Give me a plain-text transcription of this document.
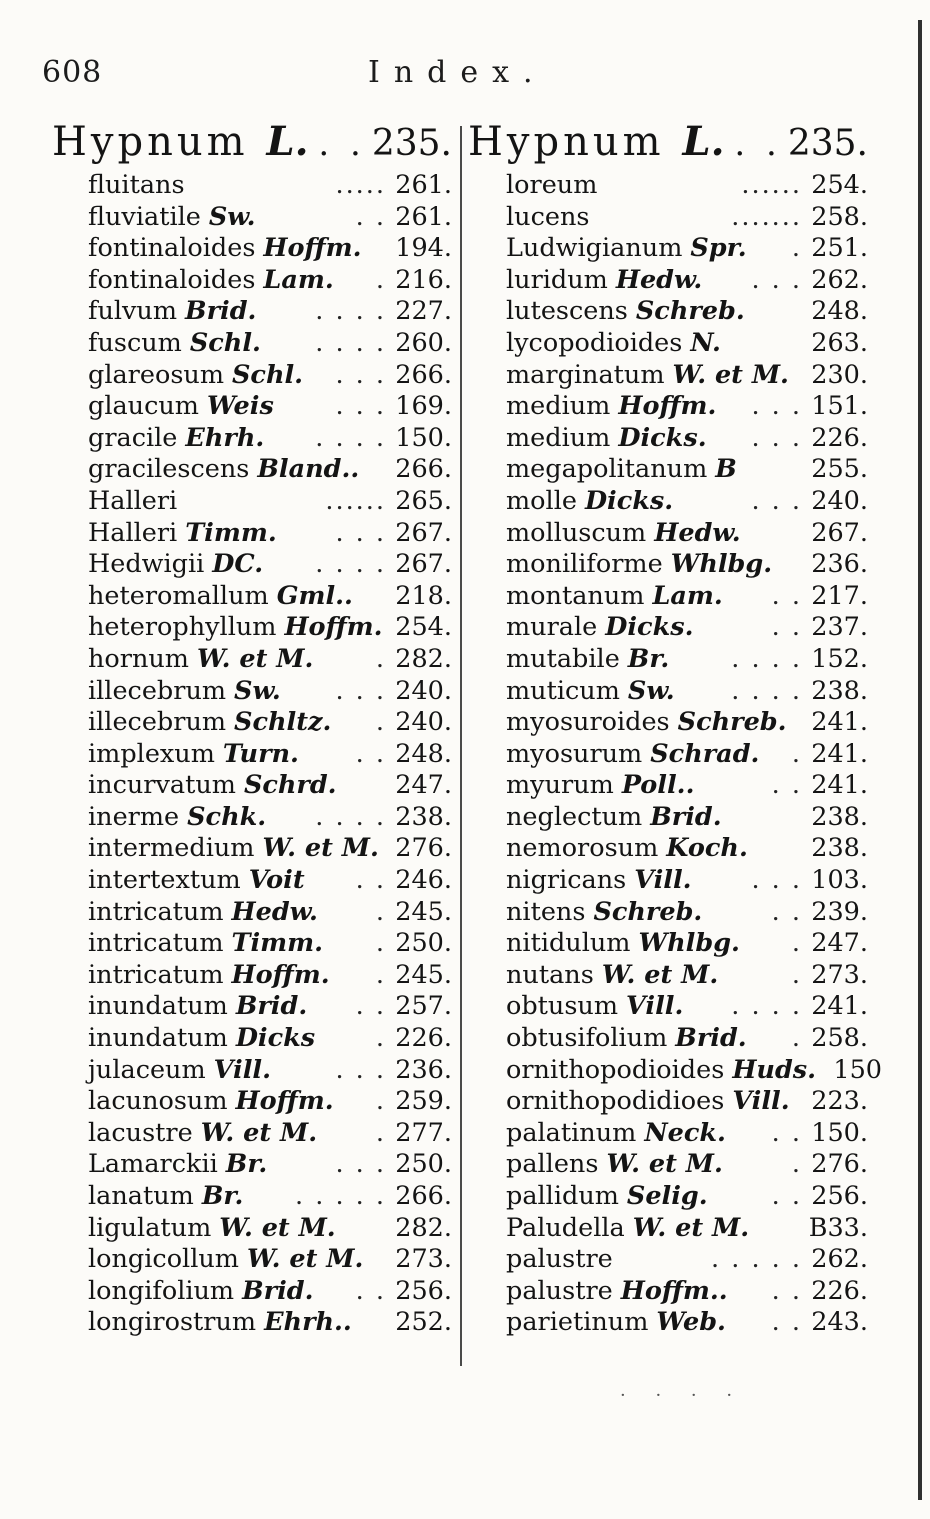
608	Index.
Hypnum L. . . 235.
fluitans	..... 261.
fluviatile Sw.	. . 261.
fontinaloides Hoffm. 194.
fontinaloides Lam.	. 216.
fulvum Brid.	. . . . 227.
fuscum Schl.	. . . . 260.
glareosum Schl.	. . . 266.
glaucum Weis	. . . 169.
gracile Ehrh.	. . . . 150.
gracilescens Bland.. 266.
Halleri	...... 265.
Halleri Timm.	. . . 267.
Hedwigii DC.	. . . . 267.
heteromallum Gml.. 218.
heterophyllum Hoffm. 254.
hornum W. et M.	. 282.
illecebrum Sw.	. . . 240.
illecebrum Schltz.	. 240.
implexum Turn.	. . 248.
incurvatum Schrd. 247.
inerme Schk.	. . . . 238.
intermedium W. et M. 276.
intertextum Voit	. . 246.
intricatum Hedw.	. 245.
intricatum Timm.	. 250.
intricatum Hoffm.	. 245.
inundatum Brid.	. . 257.
inundatum Dicks	. 226.
julaceum Vill.	. . . 236.
lacunosum Hoffm.	. 259.
lacustre W. et M.	. 277.
Lamarckii Br.	. . . 250.
lanatum Br.	. . . . . 266.
ligulatum W. et M. 282.
longicollum W. et M. 273.
longifolium Brid.	. . 256.
longirostrum Ehrh.. 252.
Hypnum L. . . 235.
loreum	...... 254.
lucens	....... 258.
Ludwigianum Spr.	. 251.
luridum Hedw.	. . . 262.
lutescens Schreb.	248.
lycopodioides N.	263.
marginatum W. et M. 230.
medium Hoffm.	. . . 151.
medium Dicks.	. . . 226.
megapolitanum B	255.
molle Dicks.	. . . 240.
molluscum Hedw.	267.
moniliforme Whlbg. 236.
montanum Lam.	. . 217.
murale Dicks.	. . 237.
mutabile Br.	. . . . 152.
muticum Sw.	. . . . 238.
myosuroides Schreb. 241.
myosurum Schrad.	. 241.
myurum Poll..	. . 241.
neglectum Brid.	238.
nemorosum Koch. 238.
nigricans Vill.	. . . 103.
nitens Schreb.	. . 239.
nitidulum Whlbg.	. 247.
nutans W. et M.	. 273.
obtusum Vill.	. . . . 241.
obtusifolium Brid.	. 258.
ornithopodioides Huds. 150
ornithopodidioes Vill. 223.
palatinum Neck.	. . 150.
pallens W. et M.	. 276.
pallidum Selig.	. . 256.
Paludella W. et M. B33.
palustre	. . . . . 262.
palustre Hoffm..	. . 226.
parietinum Web.	. . 243.
· · · ·
